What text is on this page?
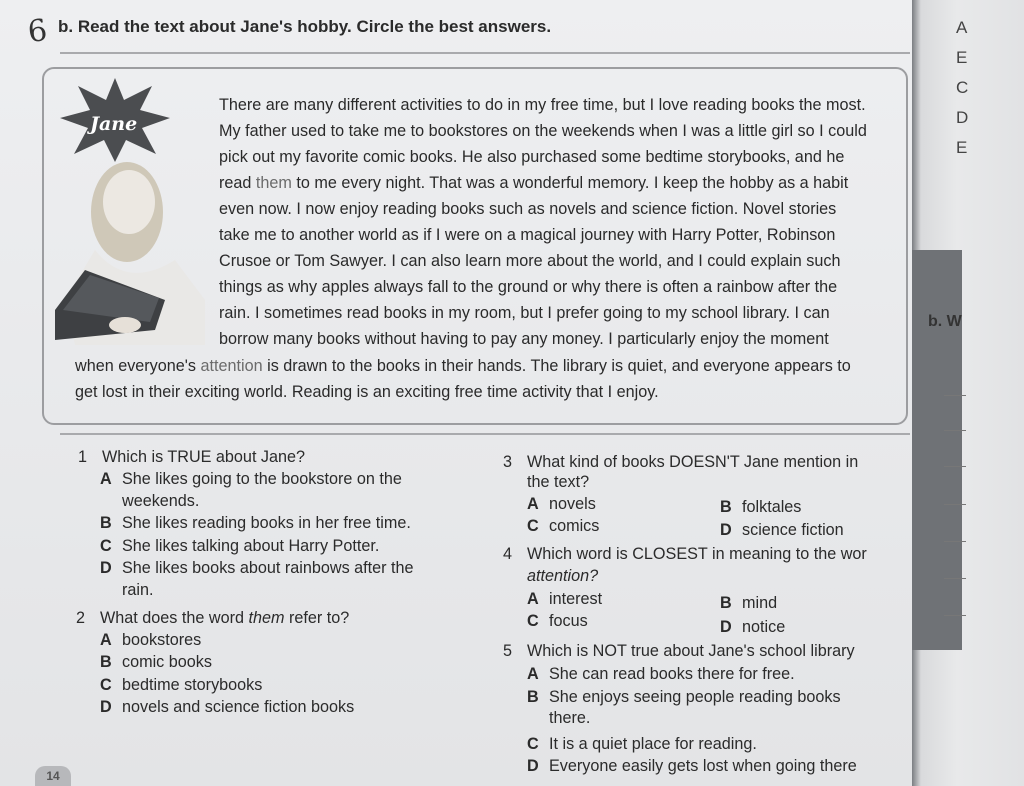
6 b. Read the text about Jane's hobby. Circle the best answers.
Jane

There are many different activities to do in my free time, but I love reading books the most.

My father used to take me to bookstores on the weekends when I was a little girl so I could

pick out my favorite comic books. He also purchased some bedtime storybooks, and he

read them to me every night. That was a wonderful memory. I keep the hobby as a habit

even now. I now enjoy reading books such as novels and science fiction. Novel stories

take me to another world as if I were on a magical journey with Harry Potter, Robinson

Crusoe or Tom Sawyer. I can also learn more about the world, and I could explain such

things as why apples always fall to the ground or why there is often a rainbow after the

rain. I sometimes read books in my room, but I prefer going to my school library. I can

borrow many books without having to pay any money. I particularly enjoy the moment

when everyone's attention is drawn to the books in their hands. The library is quiet, and everyone appears to

get lost in their exciting world. Reading is an exciting free time activity that I enjoy.

1 Which is TRUE about Jane?
A She likes going to the bookstore on the
weekends.
B She likes reading books in her free time.
C She likes talking about Harry Potter.
D She likes books about rainbows after the
rain.
2 What does the word them refer to?
A bookstores
B comic books
C bedtime storybooks
D novels and science fiction books
3 What kind of books DOESN'T Jane mention in
the text?
A novels	B folktales
C comics	D science fiction
4 Which word is CLOSEST in meaning to the wor
attention?
A interest	B mind
C focus	D notice
5 Which is NOT true about Jane's school library
A She can read books there for free.
B She enjoys seeing people reading books
there.
C It is a quiet place for reading.
D Everyone easily gets lost when going there
14
A
E
C
D
E
b. W
